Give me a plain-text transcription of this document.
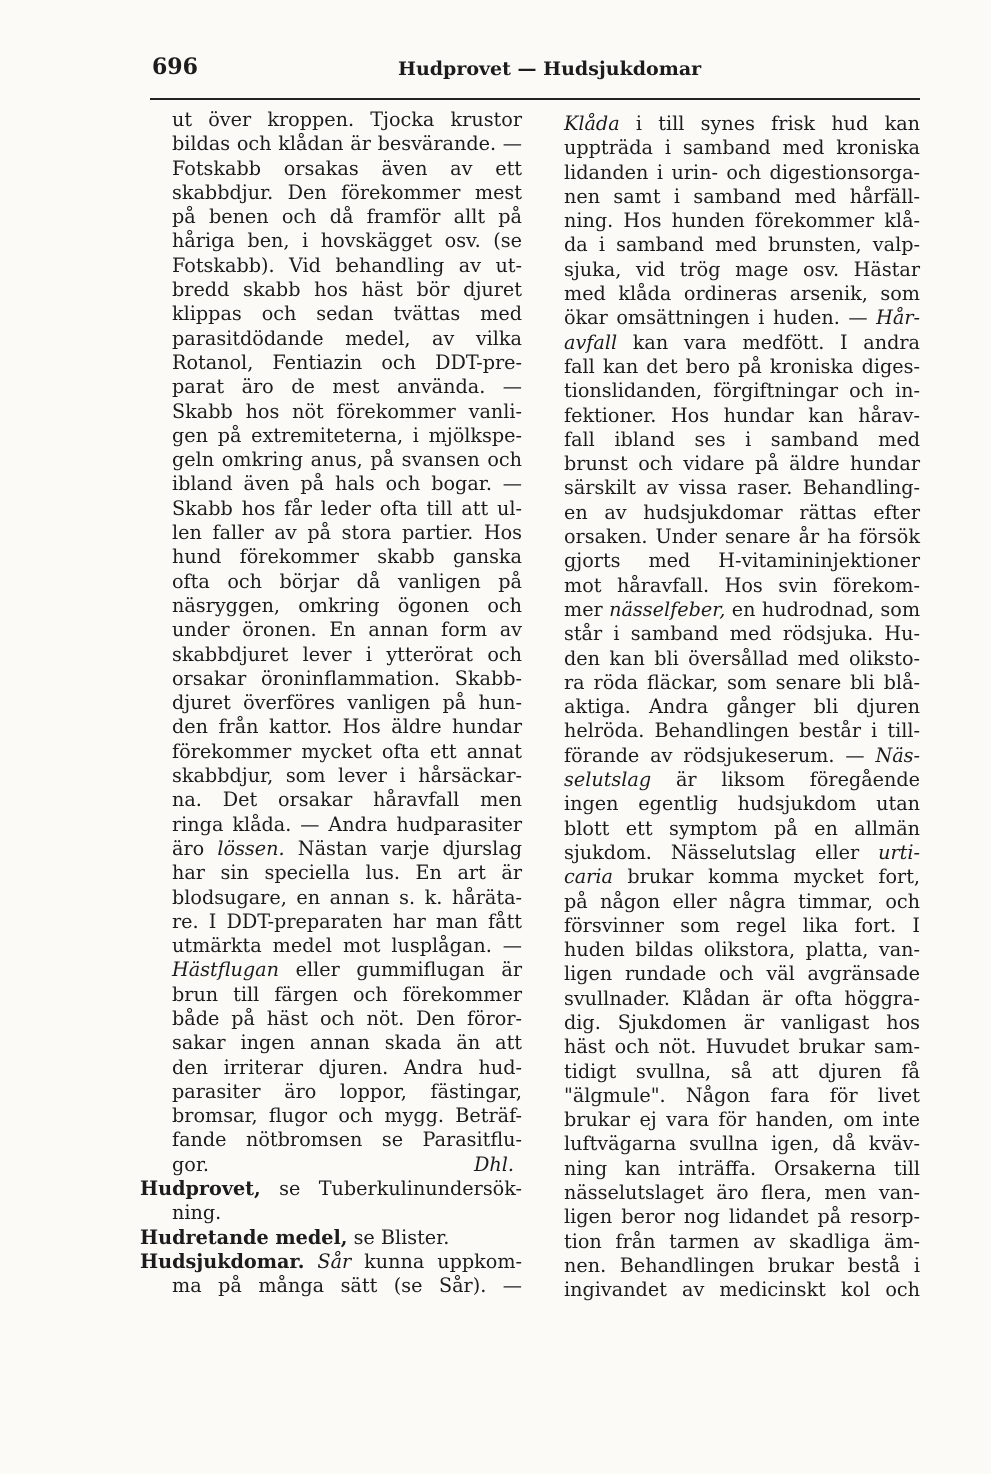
696	Hudprovet — Hudsjukdomar
ut över kroppen. Tjocka krustor
bildas och klådan är besvärande. —
Fotskabb orsakas även av ett
skabbdjur. Den förekommer mest
på benen och då framför allt på
håriga ben, i hovskägget osv. (se
Fotskabb). Vid behandling av ut-
bredd skabb hos häst bör djuret
klippas och sedan tvättas med
parasitdödande medel, av vilka
Rotanol, Fentiazin och DDT-pre-
parat äro de mest använda. —
Skabb hos nöt förekommer vanli-
gen på extremiteterna, i mjölkspe-
geln omkring anus, på svansen och
ibland även på hals och bogar. —
Skabb hos får leder ofta till att ul-
len faller av på stora partier. Hos
hund förekommer skabb ganska
ofta och börjar då vanligen på
näsryggen, omkring ögonen och
under öronen. En annan form av
skabbdjuret lever i ytterörat och
orsakar öroninflammation. Skabb-
djuret överföres vanligen på hun-
den från kattor. Hos äldre hundar
förekommer mycket ofta ett annat
skabbdjur, som lever i hårsäckar-
na. Det orsakar håravfall men
ringa klåda. — Andra hudparasiter
äro lössen. Nästan varje djurslag
har sin speciella lus. En art är
blodsugare, en annan s. k. håräta-
re. I DDT-preparaten har man fått
utmärkta medel mot lusplågan. —
Hästflugan eller gummiflugan är
brun till färgen och förekommer
både på häst och nöt. Den föror-
sakar ingen annan skada än att
den irriterar djuren. Andra hud-
parasiter äro loppor, fästingar,
bromsar, flugor och mygg. Beträf-
fande nötbromsen se Parasitflu-
gor.	Dhl.
Hudprovet, se Tuberkulinundersök-
ning.
Hudretande medel, se Blister.
Hudsjukdomar. Sår kunna uppkom-
ma på många sätt (se Sår). —
Klåda i till synes frisk hud kan
uppträda i samband med kroniska
lidanden i urin- och digestionsorga-
nen samt i samband med hårfäll-
ning. Hos hunden förekommer klå-
da i samband med brunsten, valp-
sjuka, vid trög mage osv. Hästar
med klåda ordineras arsenik, som
ökar omsättningen i huden. — Hår-
avfall kan vara medfött. I andra
fall kan det bero på kroniska diges-
tionslidanden, förgiftningar och in-
fektioner. Hos hundar kan hårav-
fall ibland ses i samband med
brunst och vidare på äldre hundar
särskilt av vissa raser. Behandling-
en av hudsjukdomar rättas efter
orsaken. Under senare år ha försök
gjorts med H-vitamininjektioner
mot håravfall. Hos svin förekom-
mer nässelfeber, en hudrodnad, som
står i samband med rödsjuka. Hu-
den kan bli översållad med oliksto-
ra röda fläckar, som senare bli blå-
aktiga. Andra gånger bli djuren
helröda. Behandlingen består i till-
förande av rödsjukeserum. — Näs-
selutslag är liksom föregående
ingen egentlig hudsjukdom utan
blott ett symptom på en allmän
sjukdom. Nässelutslag eller urti-
caria brukar komma mycket fort,
på någon eller några timmar, och
försvinner som regel lika fort. I
huden bildas olikstora, platta, van-
ligen rundade och väl avgränsade
svullnader. Klådan är ofta höggra-
dig. Sjukdomen är vanligast hos
häst och nöt. Huvudet brukar sam-
tidigt svullna, så att djuren få
"älgmule". Någon fara för livet
brukar ej vara för handen, om inte
luftvägarna svullna igen, då kväv-
ning kan inträffa. Orsakerna till
nässelutslaget äro flera, men van-
ligen beror nog lidandet på resorp-
tion från tarmen av skadliga äm-
nen. Behandlingen brukar bestå i
ingivandet av medicinskt kol och
